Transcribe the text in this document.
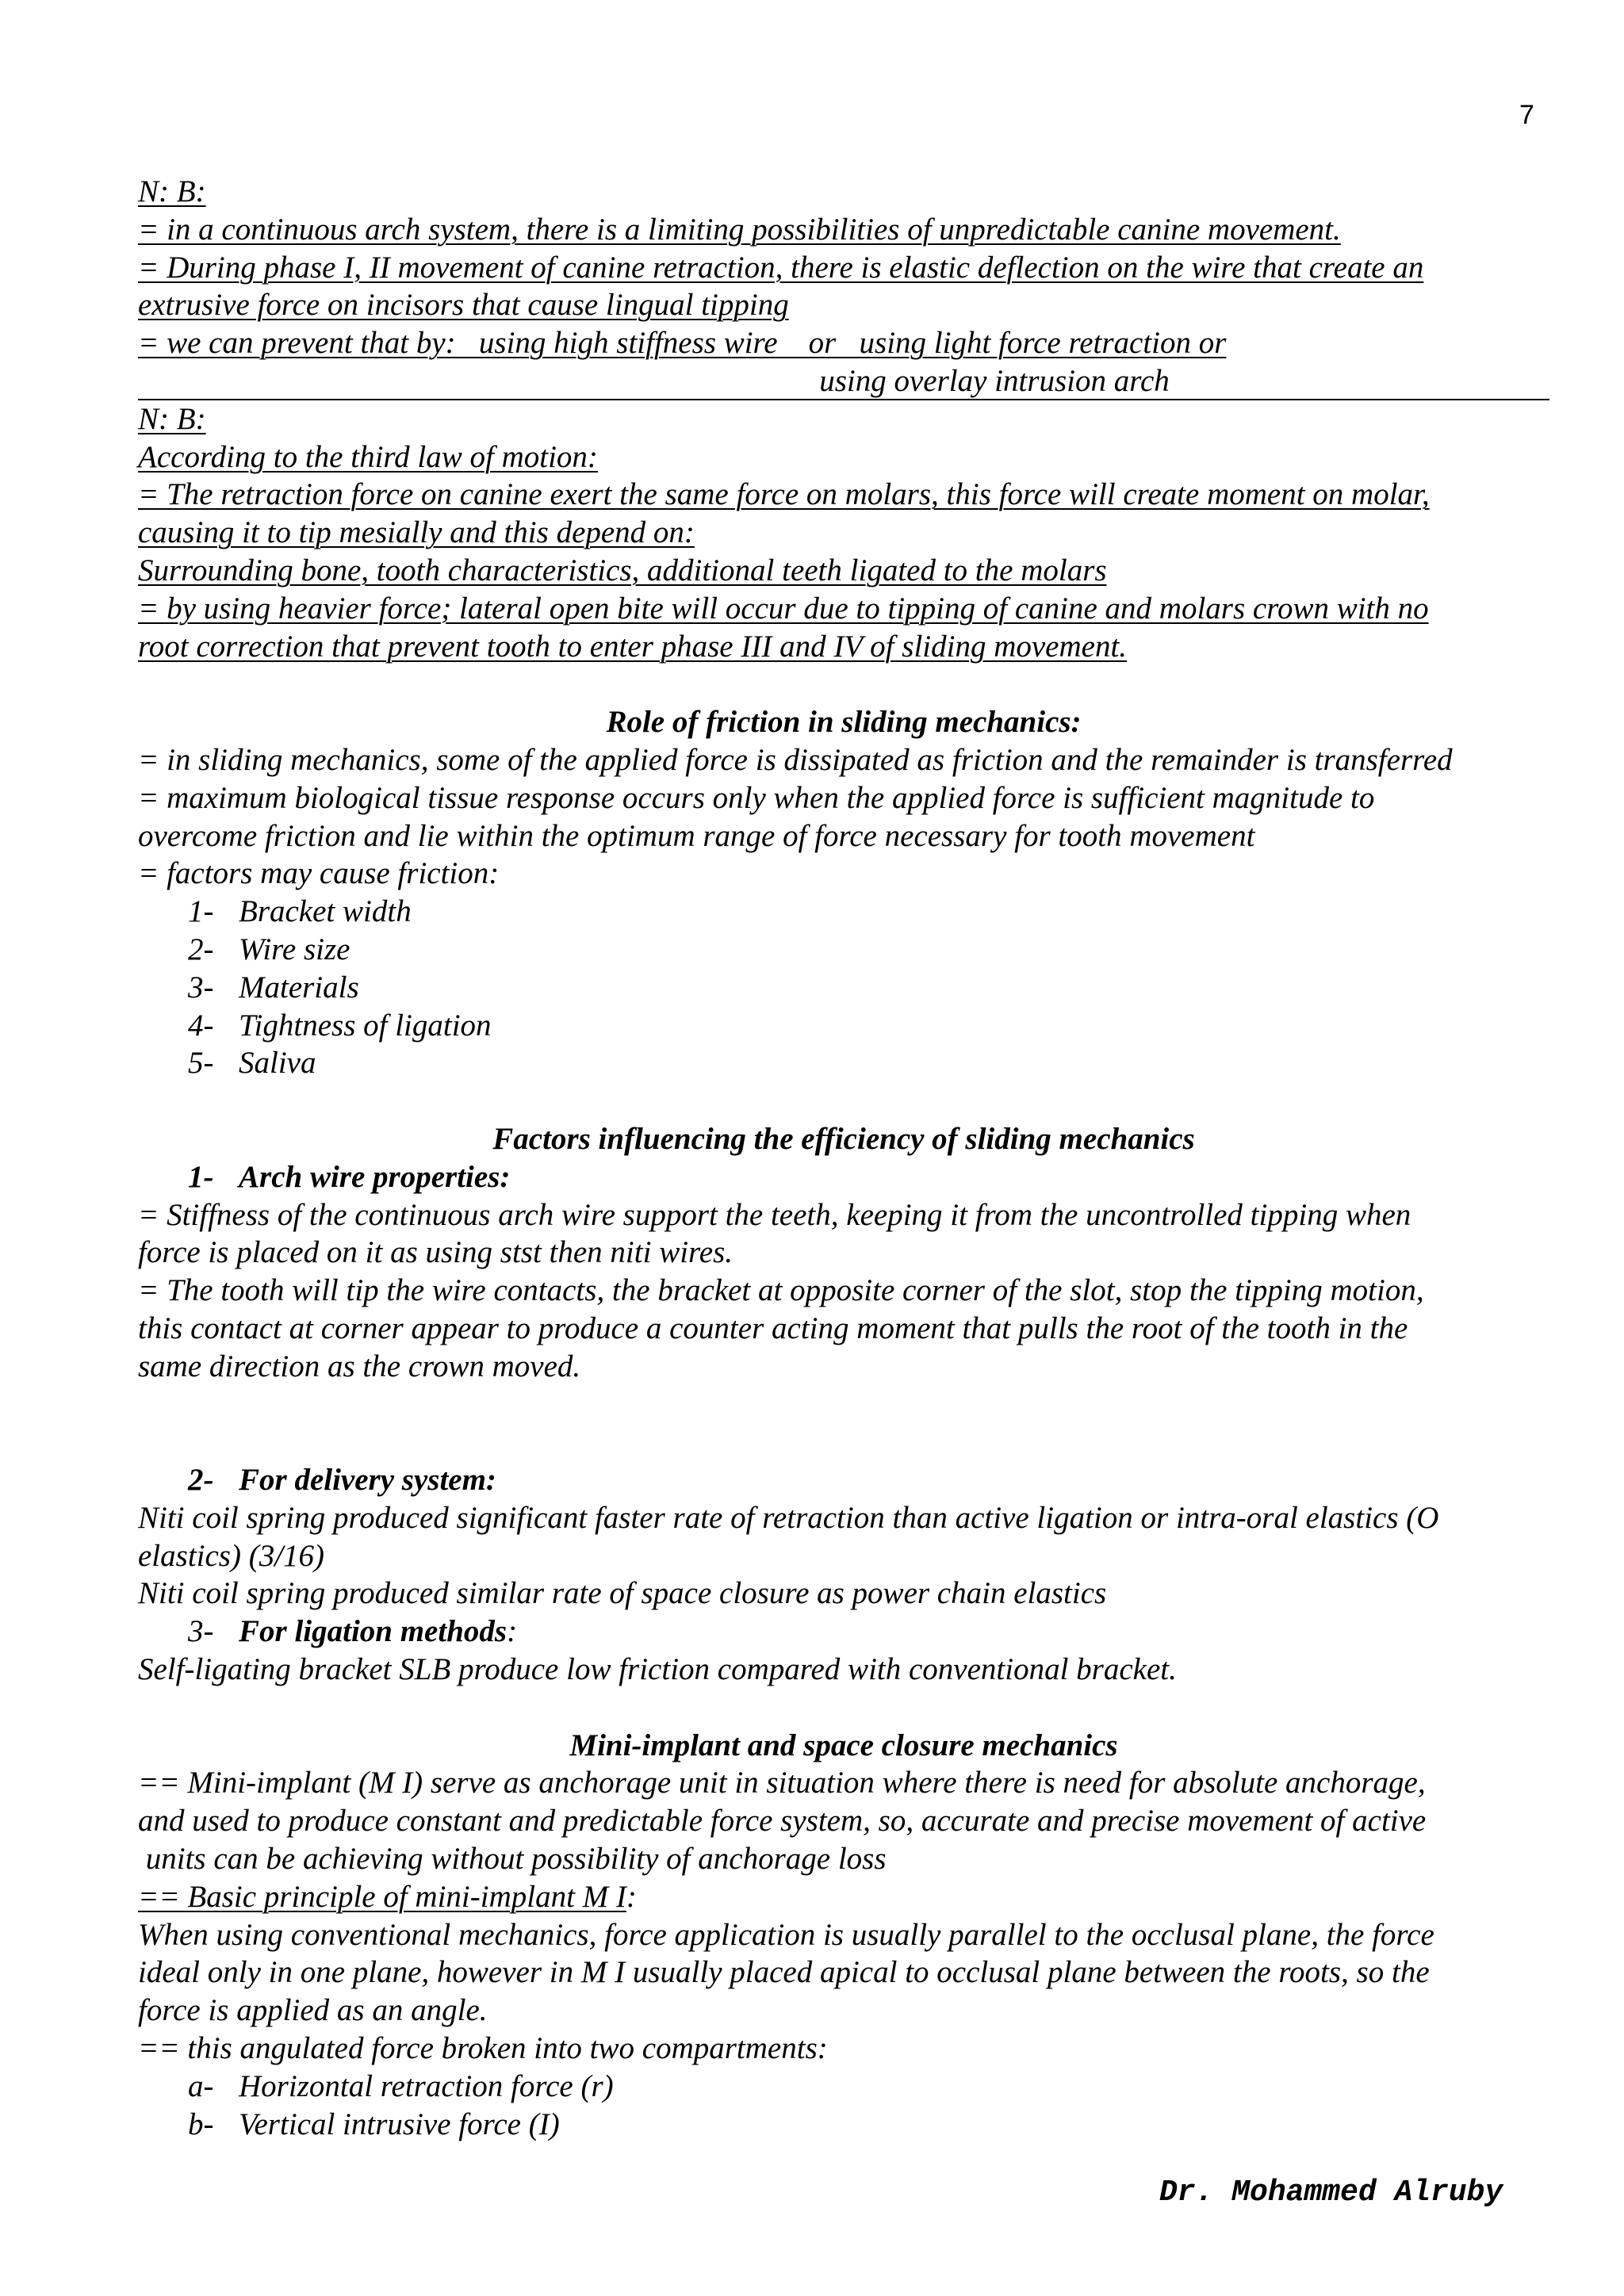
7

N: B:

= in a continuous arch system, there is a limiting possibilities of unpredictable canine movement.

= During phase I, II movement of canine retraction, there is elastic deflection on the wire that create an

extrusive force on incisors that cause lingual tipping

= we can prevent that by:   using high stiffness wire    or   using light force retraction or

using overlay intrusion arch

N: B:

According to the third law of motion:

= The retraction force on canine exert the same force on molars, this force will create moment on molar,

causing it to tip mesially and this depend on:

Surrounding bone, tooth characteristics, additional teeth ligated to the molars

= by using heavier force; lateral open bite will occur due to tipping of canine and molars crown with no

root correction that prevent tooth to enter phase III and IV of sliding movement.

Role of friction in sliding mechanics:

= in sliding mechanics, some of the applied force is dissipated as friction and the remainder is transferred

= maximum biological tissue response occurs only when the applied force is sufficient magnitude to

overcome friction and lie within the optimum range of force necessary for tooth movement

= factors may cause friction:

1- Bracket width

2- Wire size

3- Materials

4- Tightness of ligation

5- Saliva

Factors influencing the efficiency of sliding mechanics

1- Arch wire properties:

= Stiffness of the continuous arch wire support the teeth, keeping it from the uncontrolled tipping when

force is placed on it as using stst then niti wires.

= The tooth will tip the wire contacts, the bracket at opposite corner of the slot, stop the tipping motion,

this contact at corner appear to produce a counter acting moment that pulls the root of the tooth in the

same direction as the crown moved.

2- For delivery system:

Niti coil spring produced significant faster rate of retraction than active ligation or intra-oral elastics (O

elastics) (3/16)

Niti coil spring produced similar rate of space closure as power chain elastics

3- For ligation methods:

Self-ligating bracket SLB produce low friction compared with conventional bracket.

Mini-implant and space closure mechanics

== Mini-implant (M I) serve as anchorage unit in situation where there is need for absolute anchorage,

and used to produce constant and predictable force system, so, accurate and precise movement of active

units can be achieving without possibility of anchorage loss

== Basic principle of mini-implant M I:

When using conventional mechanics, force application is usually parallel to the occlusal plane, the force

ideal only in one plane, however in M I usually placed apical to occlusal plane between the roots, so the

force is applied as an angle.

== this angulated force broken into two compartments:

a- Horizontal retraction force (r)

b- Vertical intrusive force (I)

Dr. Mohammed Alruby
